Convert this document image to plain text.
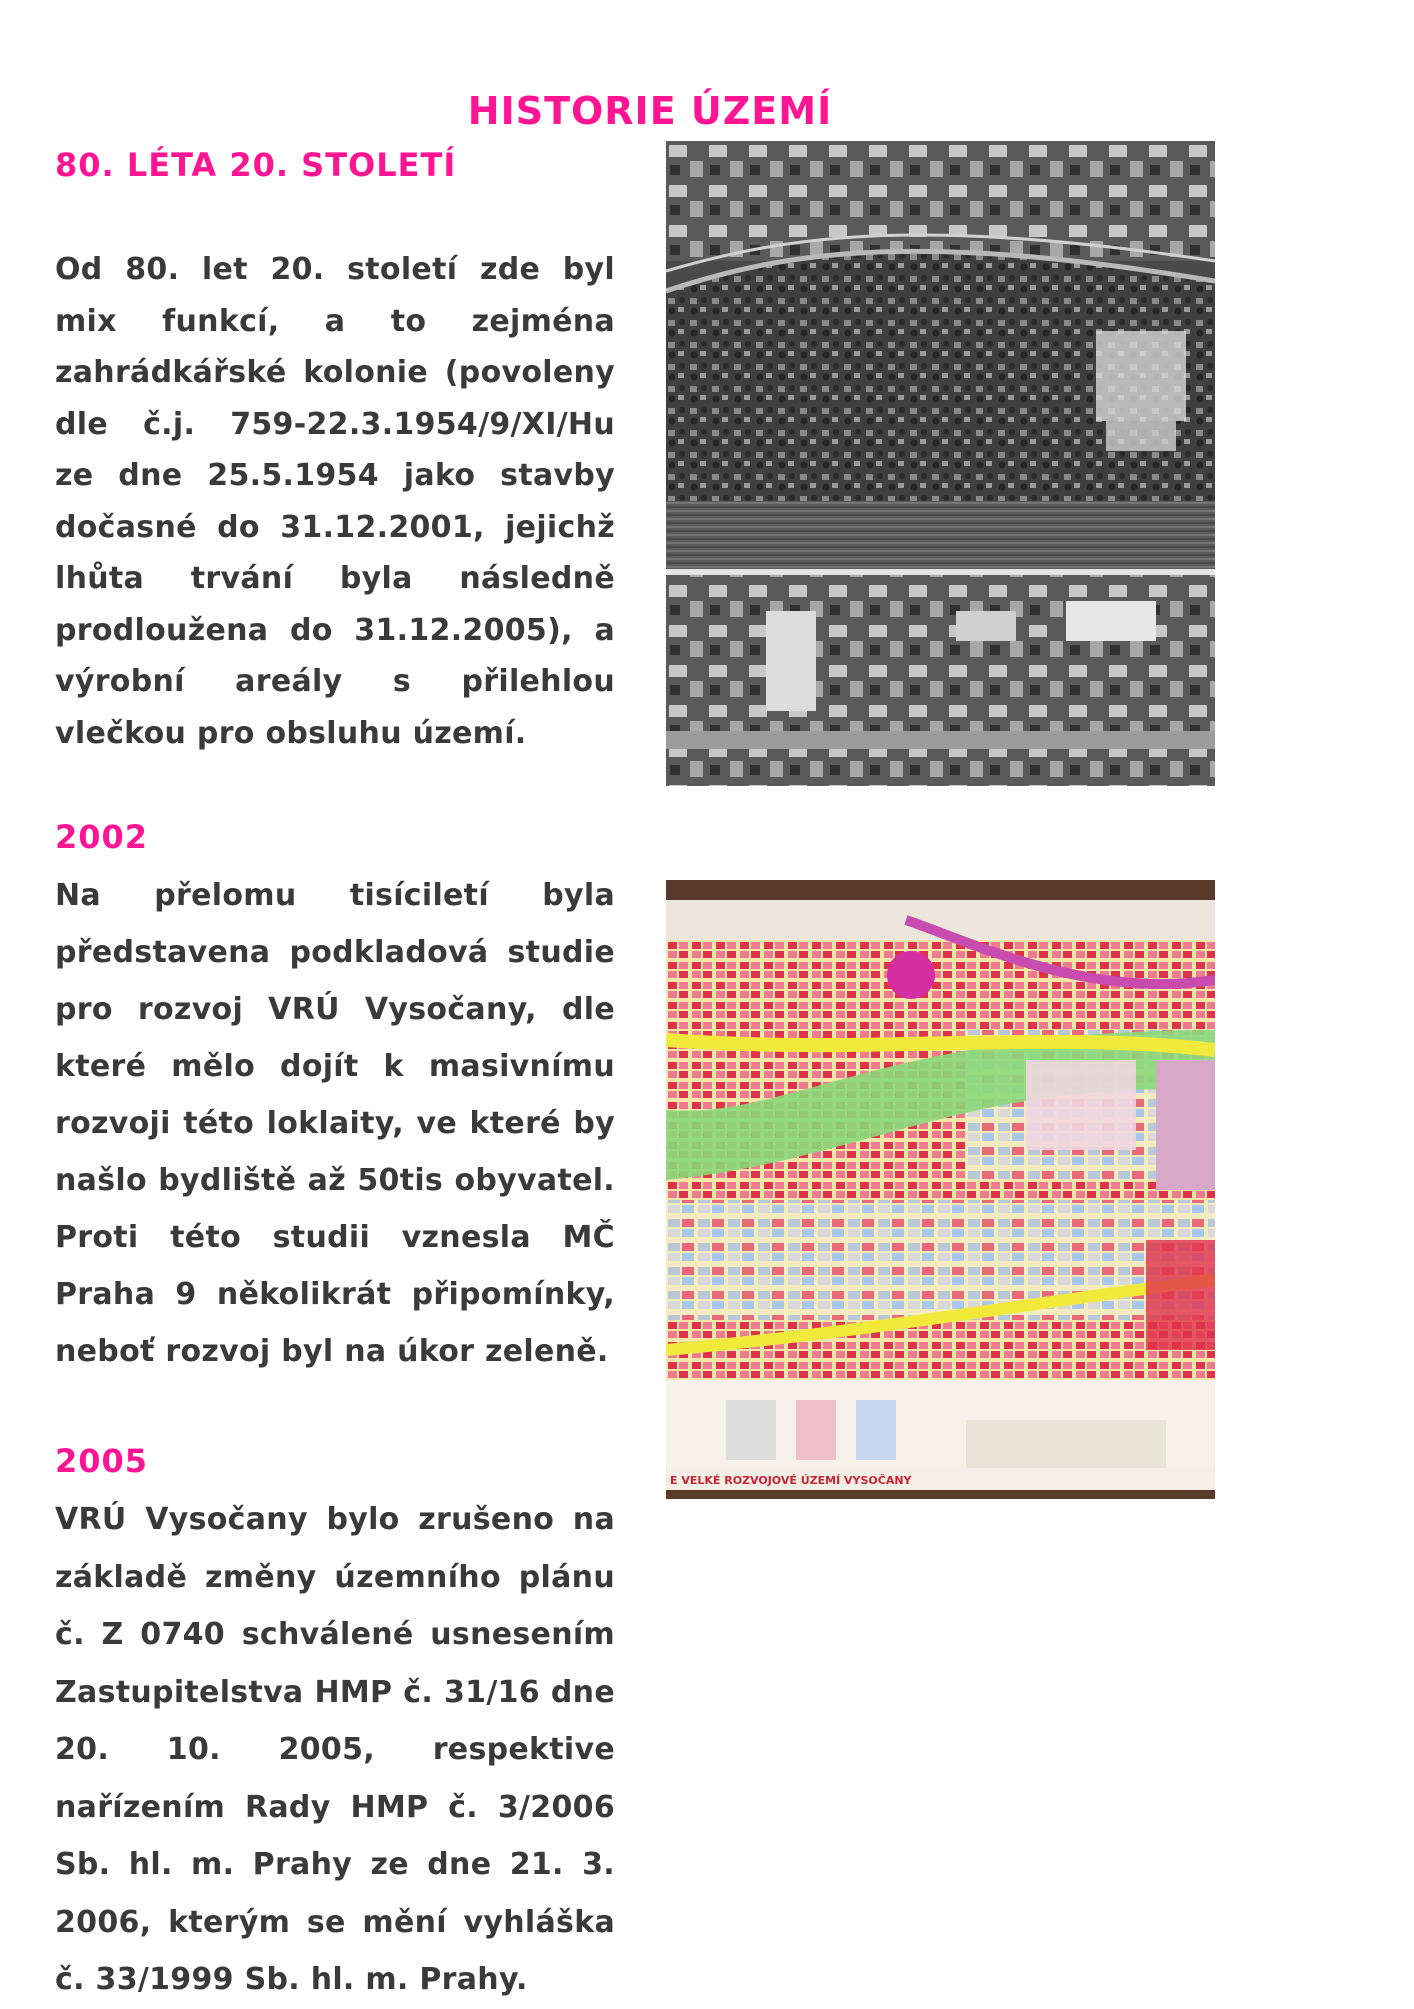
HISTORIE ÚZEMÍ
80. LÉTA 20. STOLETÍ

Od 80. let 20. století zde byl mix funkcí, a to zejména zahrádkářské kolonie (povoleny dle č.j. 759-22.3.1954/9/XI/Hu ze dne 25.5.1954 jako stavby dočasné do 31.12.2001, jejichž lhůta trvání byla následně prodloužena do 31.12.2005), a výrobní areály s přilehlou vlečkou pro obsluhu území.

2002

Na přelomu tisíciletí byla představena podkladová studie pro rozvoj VRÚ Vysočany, dle které mělo dojít k masivnímu rozvoji této loklaity, ve které by našlo bydliště až 50tis obyvatel. Proti této studii vznesla MČ Praha 9 několikrát připomínky, neboť rozvoj byl na úkor zeleně.

E VELKÉ ROZVOJOVÉ ÚZEMÍ VYSOČANY
2005

VRÚ Vysočany bylo zrušeno na základě změny územního plánu č. Z 0740 schválené usnesením Zastupitelstva HMP č. 31/16 dne 20. 10. 2005, respektive nařízením Rady HMP č. 3/2006 Sb. hl. m. Prahy ze dne 21. 3. 2006, kterým se mění vyhláška č. 33/1999 Sb. hl. m. Prahy.
